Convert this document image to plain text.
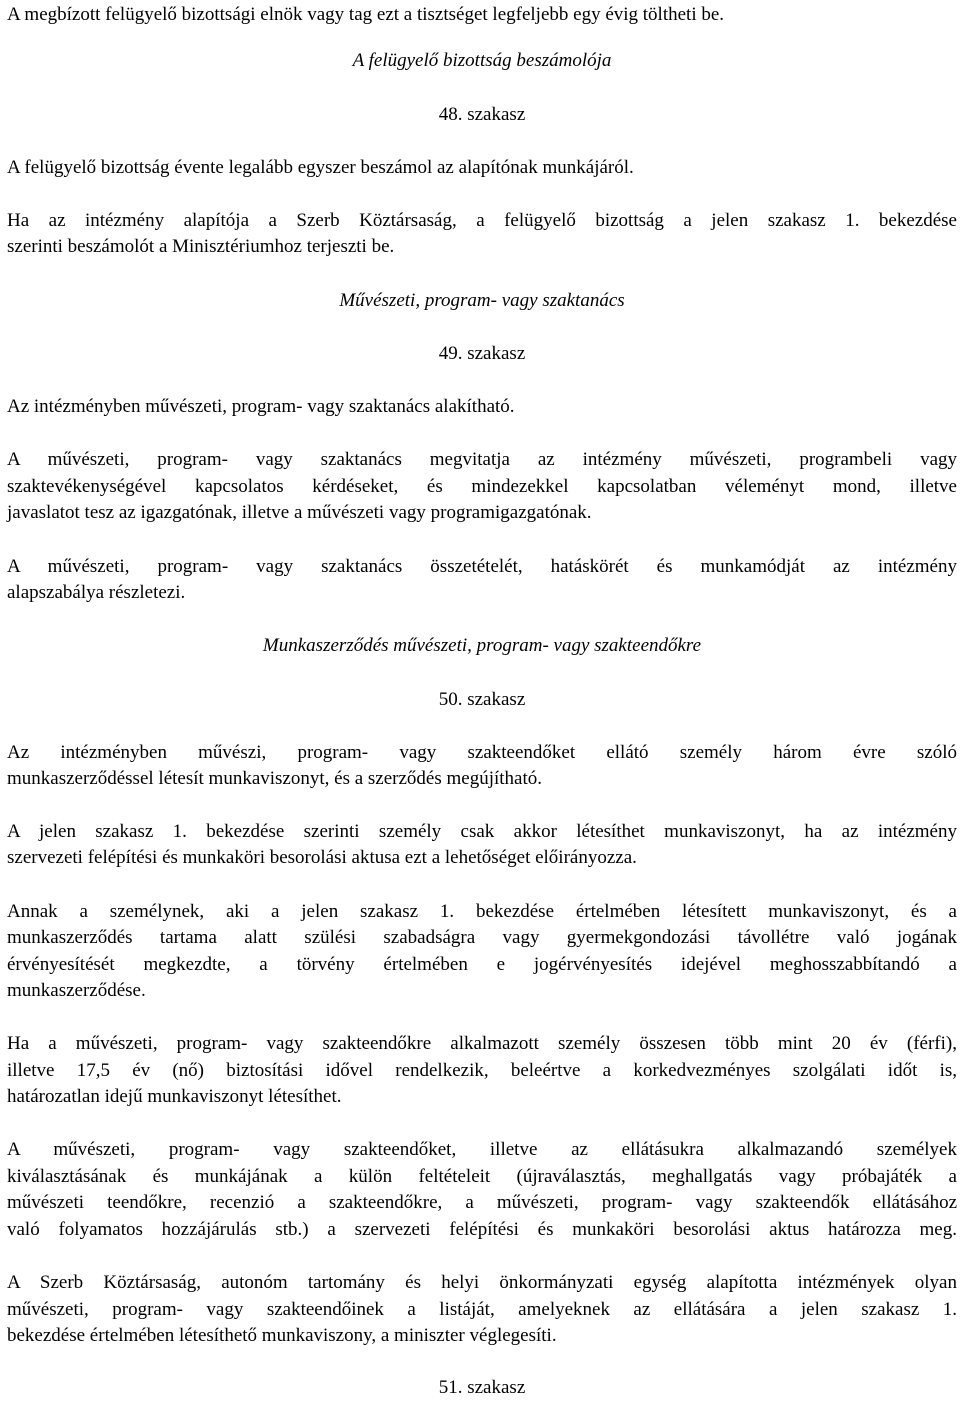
A megbízott felügyelő bizottsági elnök vagy tag ezt a tisztséget legfeljebb egy évig töltheti be.
A felügyelő bizottság beszámolója
48. szakasz
A felügyelő bizottság évente legalább egyszer beszámol az alapítónak munkájáról.
Ha az intézmény alapítója a Szerb Köztársaság, a felügyelő bizottság a jelen szakasz 1. bekezdése
szerinti beszámolót a Minisztériumhoz terjeszti be.
Művészeti, program- vagy szaktanács
49. szakasz
Az intézményben művészeti, program- vagy szaktanács alakítható.
A művészeti, program- vagy szaktanács megvitatja az intézmény művészeti, programbeli vagy
szaktevékenységével kapcsolatos kérdéseket, és mindezekkel kapcsolatban véleményt mond, illetve
javaslatot tesz az igazgatónak, illetve a művészeti vagy programigazgatónak.
A művészeti, program- vagy szaktanács összetételét, hatáskörét és munkamódját az intézmény
alapszabálya részletezi.
Munkaszerződés művészeti, program- vagy szakteendőkre
50. szakasz
Az intézményben művészi, program- vagy szakteendőket ellátó személy három évre szóló
munkaszerződéssel létesít munkaviszonyt, és a szerződés megújítható.
A jelen szakasz 1. bekezdése szerinti személy csak akkor létesíthet munkaviszonyt, ha az intézmény
szervezeti felépítési és munkaköri besorolási aktusa ezt a lehetőséget előirányozza.
Annak a személynek, aki a jelen szakasz 1. bekezdése értelmében létesített munkaviszonyt, és a
munkaszerződés tartama alatt szülési szabadságra vagy gyermekgondozási távollétre való jogának
érvényesítését megkezdte, a törvény értelmében e jogérvényesítés idejével meghosszabbítandó a
munkaszerződése.
Ha a művészeti, program- vagy szakteendőkre alkalmazott személy összesen több mint 20 év (férfi),
illetve 17,5 év (nő) biztosítási idővel rendelkezik, beleértve a korkedvezményes szolgálati időt is,
határozatlan idejű munkaviszonyt létesíthet.
A művészeti, program- vagy szakteendőket, illetve az ellátásukra alkalmazandó személyek
kiválasztásának és munkájának a külön feltételeit (újraválasztás, meghallgatás vagy próbajáték a
művészeti teendőkre, recenzió a szakteendőkre, a művészeti, program- vagy szakteendők ellátásához
való folyamatos hozzájárulás stb.) a szervezeti felépítési és munkaköri besorolási aktus határozza meg.
A Szerb Köztársaság, autonóm tartomány és helyi önkormányzati egység alapította intézmények olyan
művészeti, program- vagy szakteendőinek a listáját, amelyeknek az ellátására a jelen szakasz 1.
bekezdése értelmében létesíthető munkaviszony, a miniszter véglegesíti.
51. szakasz
